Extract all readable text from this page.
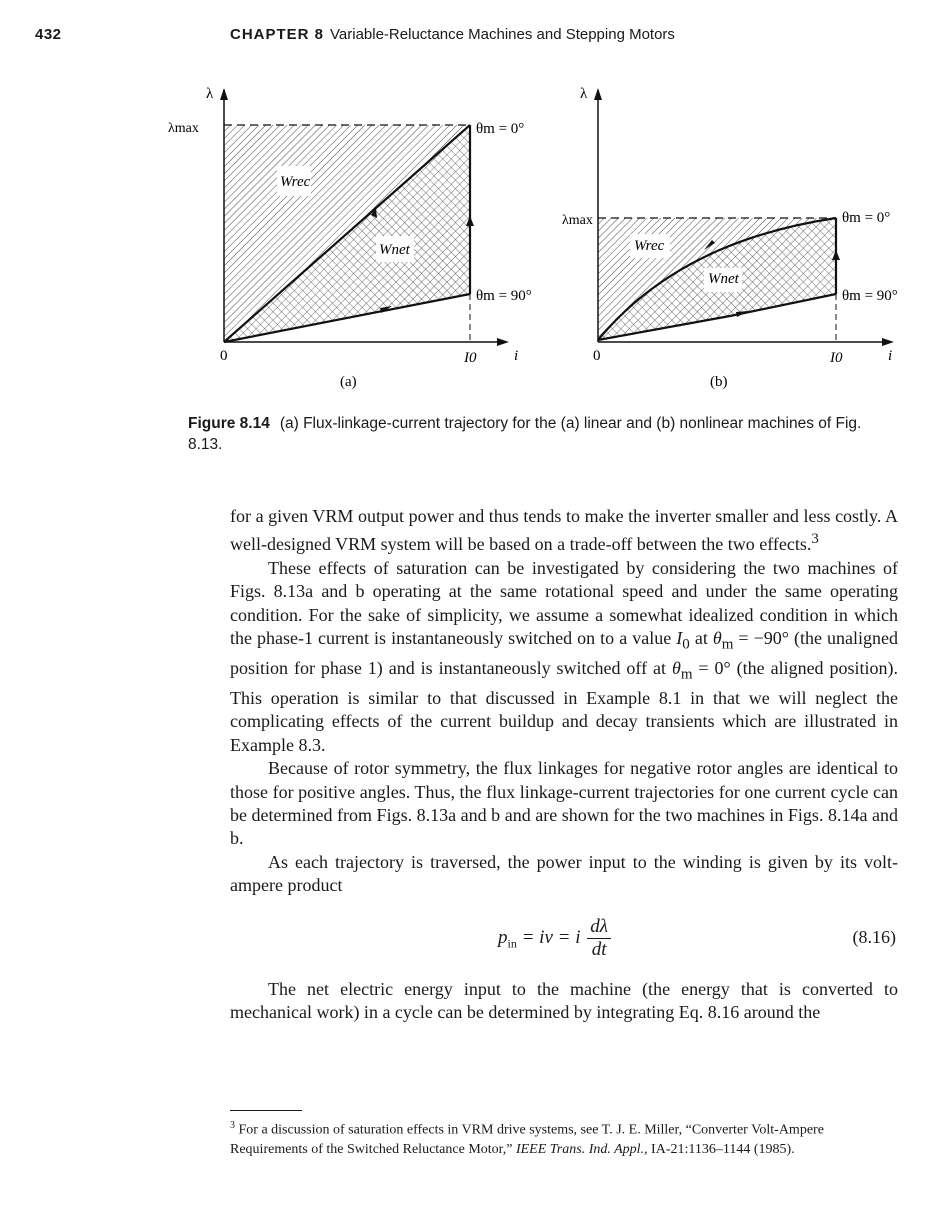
432	CHAPTER 8 Variable-Reluctance Machines and Stepping Motors
Wrec
Wnet
λ
λmax	θm = 0°
θm = 90°
0	I0	i
(a)
Wrec
Wnet
λ
λmax	θm = 0°
θm = 90°
0	I0	i
(b)
Figure 8.14 (a) Flux-linkage-current trajectory for the (a) linear and (b) nonlinear machines of Fig. 8.13.

for a given VRM output power and thus tends to make the inverter smaller and less costly. A well-designed VRM system will be based on a trade-off between the two effects.$^3$

These effects of saturation can be investigated by considering the two machines of Figs. 8.13a and b operating at the same rotational speed and under the same operating condition. For the sake of simplicity, we assume a somewhat idealized condition in which the phase-1 current is instantaneously switched on to a value $I_0$ at $\theta_m = -90^\circ$ (the unaligned position for phase 1) and is instantaneously switched off at $\theta_m = 0^\circ$ (the aligned position). This operation is similar to that discussed in Example 8.1 in that we will neglect the complicating effects of the current buildup and decay transients which are illustrated in Example 8.3.

Because of rotor symmetry, the flux linkages for negative rotor angles are identical to those for positive angles. Thus, the flux linkage-current trajectories for one current cycle can be determined from Figs. 8.13a and b and are shown for the two machines in Figs. 8.14a and b.

As each trajectory is traversed, the power input to the winding is given by its volt-ampere product

$p_{in}$ = iv = i $\frac{d\lambda}{dt}$	(8.16)

The net electric energy input to the machine (the energy that is converted to mechanical work) in a cycle can be determined by integrating Eq. 8.16 around the

$^3$ For a discussion of saturation effects in VRM drive systems, see T. J. E. Miller, “Converter Volt-Ampere Requirements of the Switched Reluctance Motor,” IEEE Trans. Ind. Appl., IA-21:1136–1144 (1985).
